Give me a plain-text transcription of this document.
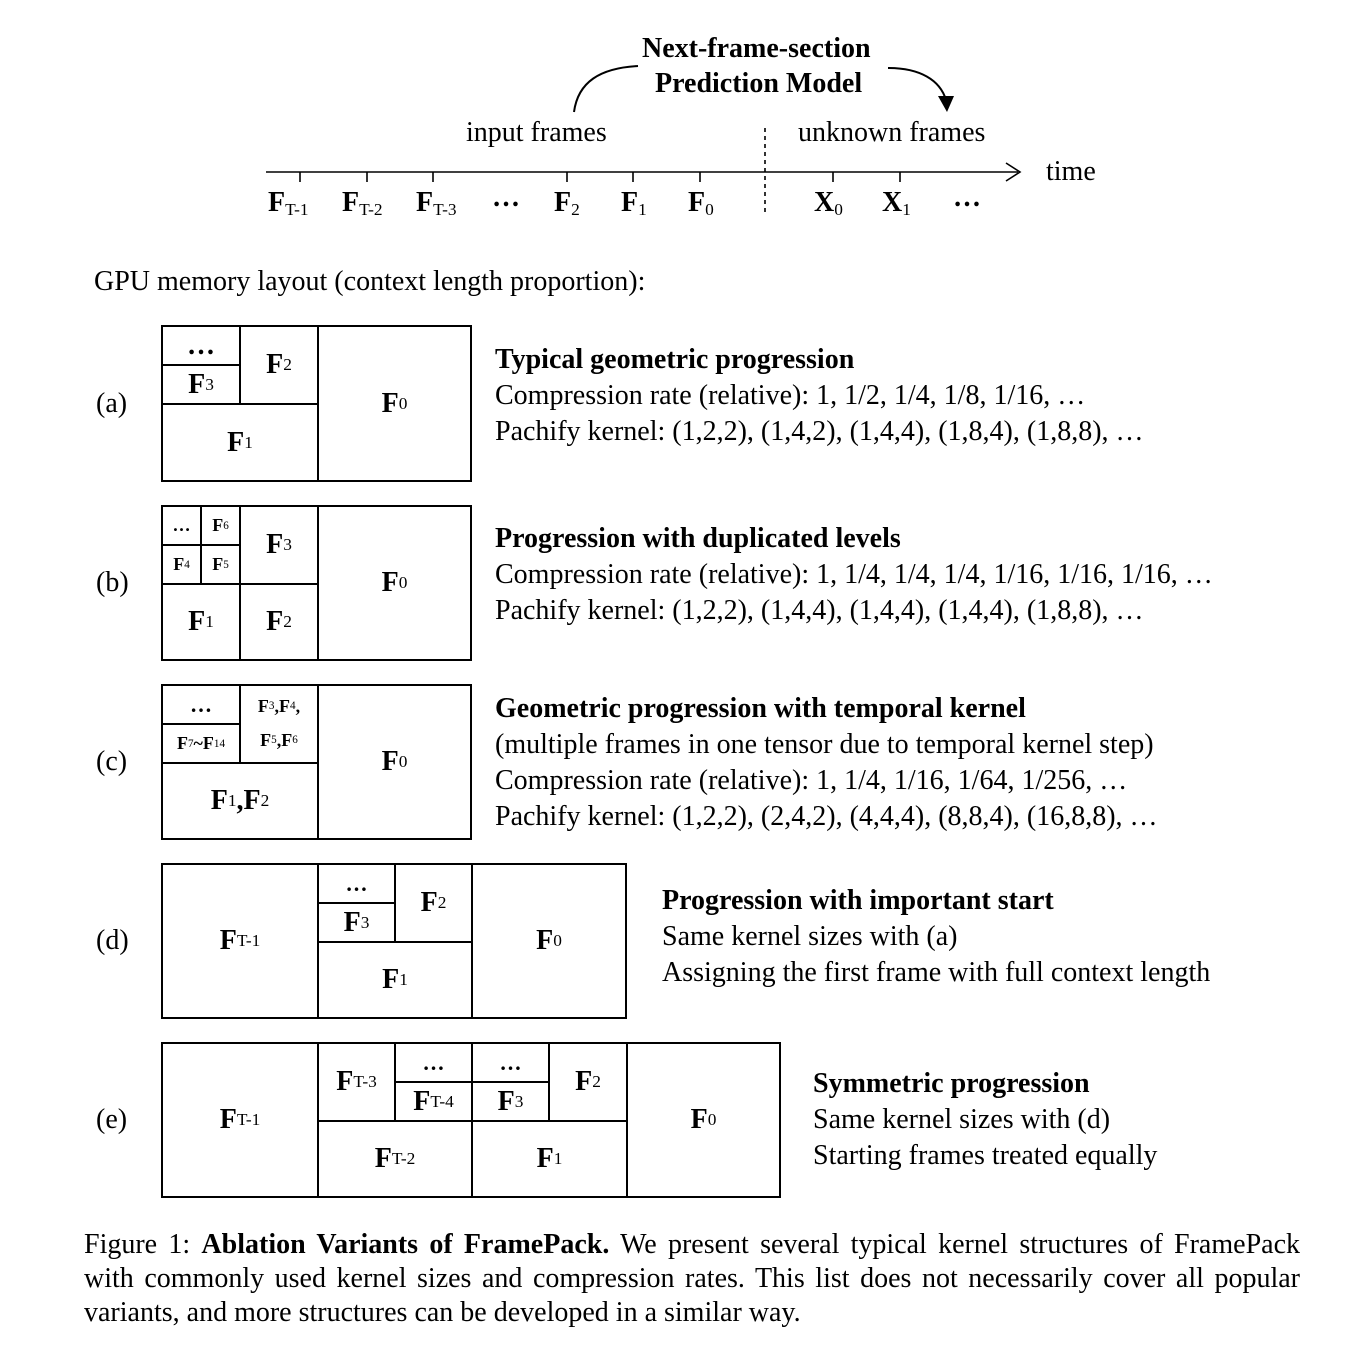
Next-frame-section
Prediction Model
input frames	unknown frames
time
$F_{T-1}$ $F_{T-2}$ $F_{T-3}$ … $F_2$ $F_1$ $F_0$	$X_0$ $X_1$ …
GPU memory layout (context length proportion):
(a)
…
F 3
F 2
F 1
F 0
Typical geometric progression
Compression rate (relative): 1, 1/2, 1/4, 1/8, 1/16, …
Pachify kernel: (1,2,2), (1,4,2), (1,4,4), (1,8,4), (1,8,8), …
(b)
… F 6
F 4 F 5
F 3
F 1 F 2
F 0
Progression with duplicated levels
Compression rate (relative): 1, 1/4, 1/4, 1/4, 1/16, 1/16, 1/16, …
Pachify kernel: (1,2,2), (1,4,4), (1,4,4), (1,4,4), (1,8,8), …
(c)
…
F 7 ~F 14
F 3 , F 4 ,
F 5 , F 6
F 1 , F 2
F 0
Geometric progression with temporal kernel
(multiple frames in one tensor due to temporal kernel step)
Compression rate (relative): 1, 1/4, 1/16, 1/64, 1/256, …
Pachify kernel: (1,2,2), (2,4,2), (4,4,4), (8,8,4), (16,8,8), …
(d)	F T-1
…
F 3
F 2
F 1
F 0
Progression with important start
Same kernel sizes with (a)
Assigning the first frame with full context length
(e)	F T-1
F T-3
…
F T-4
…
F 3
F 2
F T-2	F 1
F 0
Symmetric progression
Same kernel sizes with (d)
Starting frames treated equally
Figure 1: Ablation Variants of FramePack. We present several typical kernel structures of FramePack with commonly used kernel sizes and compression rates. This list does not necessarily cover all popular variants, and more structures can be developed in a similar way.
